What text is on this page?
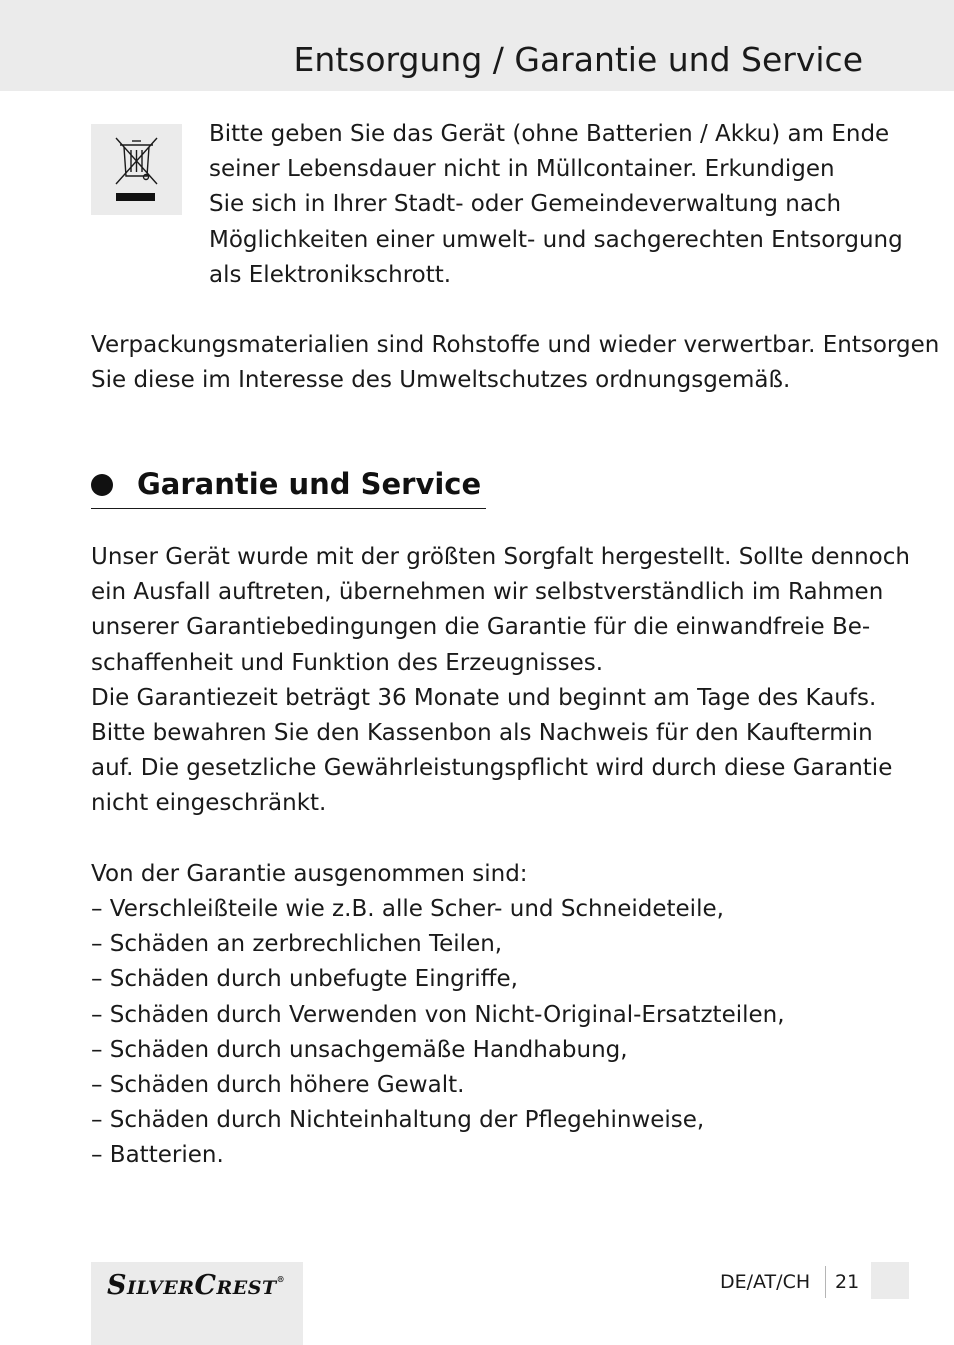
Entsorgung / Garantie und Service
Bitte geben Sie das Gerät (ohne Batterien / Akku) am Ende
seiner Lebensdauer nicht in Müllcontainer. Erkundigen
Sie sich in Ihrer Stadt- oder Gemeindeverwaltung nach
Möglichkeiten einer umwelt- und sachgerechten Entsorgung
als Elektronikschrott.
Verpackungsmaterialien sind Rohstoffe und wieder verwertbar. Entsorgen
Sie diese im Interesse des Umweltschutzes ordnungsgemäß.
Garantie und Service
Unser Gerät wurde mit der größten Sorgfalt hergestellt. Sollte dennoch
ein Ausfall auftreten, übernehmen wir selbstverständlich im Rahmen
unserer Garantiebedingungen die Garantie für die einwandfreie Be-
schaffenheit und Funktion des Erzeugnisses.
Die Garantiezeit beträgt 36 Monate und beginnt am Tage des Kaufs.
Bitte bewahren Sie den Kassenbon als Nachweis für den Kauftermin
auf. Die gesetzliche Gewährleistungspflicht wird durch diese Garantie
nicht eingeschränkt.
Von der Garantie ausgenommen sind:
– Verschleißteile wie z.B. alle Scher- und Schneideteile,
– Schäden an zerbrechlichen Teilen,
– Schäden durch unbefugte Eingriffe,
– Schäden durch Verwenden von Nicht-Original-Ersatzteilen,
– Schäden durch unsachgemäße Handhabung,
– Schäden durch höhere Gewalt.
– Schäden durch Nichteinhaltung der Pflegehinweise,
– Batterien.
SILVERCREST®	DE/AT/CH 21
